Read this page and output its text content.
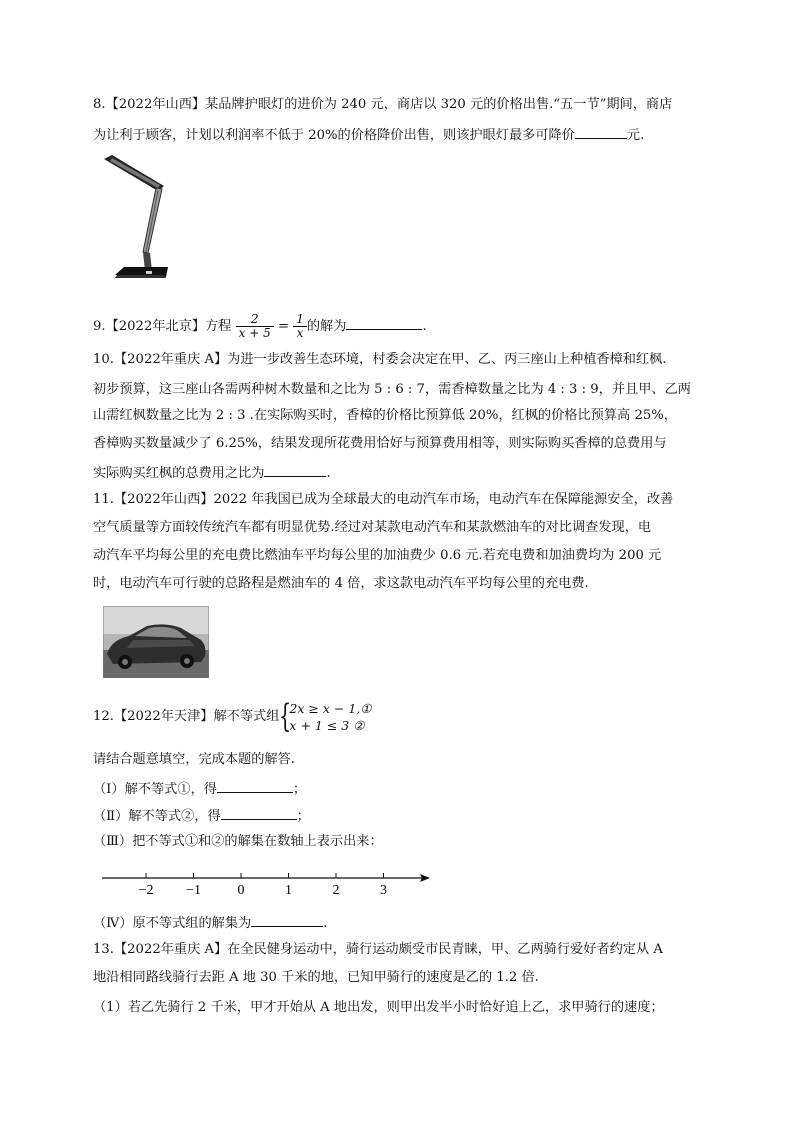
8.【2022年山西】某品牌护眼灯的进价为 240 元，商店以 320 元的价格出售.“五一节”期间，商店
为让利于顾客，计划以利润率不低于 20%的价格降价出售，则该护眼灯最多可降价	元.
9.【2022年北京】方程 $\frac{2}{x + 5} = \frac{1}{x}$ 的解为	.
10.【2022年重庆 A】为进一步改善生态环境，村委会决定在甲、乙、丙三座山上种植香樟和红枫.
初步预算，这三座山各需两种树木数量和之比为 5 : 6 : 7，需香樟数量之比为 4 : 3 : 9，并且甲、乙两
山需红枫数量之比为 2 : 3 .在实际购买时，香樟的价格比预算低 20%，红枫的价格比预算高 25%，
香樟购买数量减少了 6.25%，结果发现所花费用恰好与预算费用相等，则实际购买香樟的总费用与
实际购买红枫的总费用之比为	.
11.【2022年山西】2022 年我国已成为全球最大的电动汽车市场，电动汽车在保障能源安全，改善
空气质量等方面较传统汽车都有明显优势.经过对某款电动汽车和某款燃油车的对比调查发现，电
动汽车平均每公里的充电费比燃油车平均每公里的加油费少 0.6 元.若充电费和加油费均为 200 元
时，电动汽车可行驶的总路程是燃油车的 4 倍，求这款电动汽车平均每公里的充电费.
12.【2022年天津】解不等式组 {
2x ≥ x − 1,①
x + 1 ≤ 3 ②
请结合题意填空，完成本题的解答.
（Ⅰ）解不等式①，得	；
（Ⅱ）解不等式②，得	；
（Ⅲ）把不等式①和②的解集在数轴上表示出来：
−2 −1	0	1	2	3
（Ⅳ）原不等式组的解集为	.
13.【2022年重庆 A】在全民健身运动中，骑行运动颇受市民青睐，甲、乙两骑行爱好者约定从 A
地沿相同路线骑行去距 A 地 30 千米的地，已知甲骑行的速度是乙的 1.2 倍.
（1）若乙先骑行 2 千米，甲才开始从 A 地出发，则甲出发半小时恰好追上乙，求甲骑行的速度；
